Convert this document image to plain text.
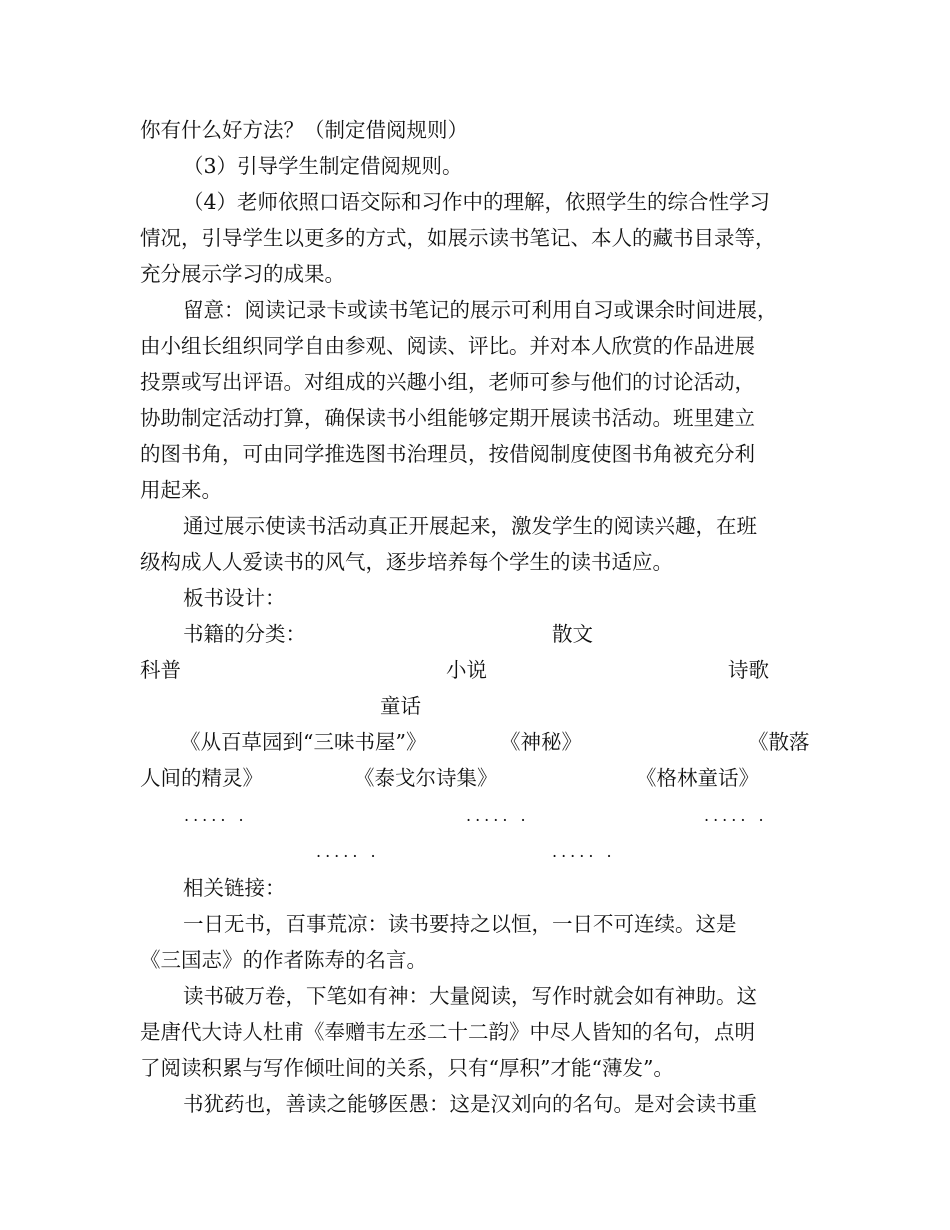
你有什么好方法？（制定借阅规则）
（3）引导学生制定借阅规则。
（4）老师依照口语交际和习作中的理解，依照学生的综合性学习
情况，引导学生以更多的方式，如展示读书笔记、本人的藏书目录等，
充分展示学习的成果。
留意：阅读记录卡或读书笔记的展示可利用自习或课余时间进展，
由小组长组织同学自由参观、阅读、评比。并对本人欣赏的作品进展
投票或写出评语。对组成的兴趣小组，老师可参与他们的讨论活动，
协助制定活动打算，确保读书小组能够定期开展读书活动。班里建立
的图书角，可由同学推选图书治理员，按借阅制度使图书角被充分利
用起来。
通过展示使读书活动真正开展起来，激发学生的阅读兴趣，在班
级构成人人爱读书的风气，逐步培养每个学生的读书适应。
板书设计：
书籍的分类：	散文
科普	小说	诗歌
童话
《从百草园到“三味书屋”》	《神秘》	《散落
人间的精灵》	《泰戈尔诗集》	《格林童话》
..... .	..... .	..... .
..... .	..... .
相关链接：
一日无书，百事荒凉：读书要持之以恒，一日不可连续。这是
《三国志》的作者陈寿的名言。
读书破万卷，下笔如有神：大量阅读，写作时就会如有神助。这
是唐代大诗人杜甫《奉赠韦左丞二十二韵》中尽人皆知的名句，点明
了阅读积累与写作倾吐间的关系，只有“厚积”才能“薄发”。
书犹药也，善读之能够医愚：这是汉刘向的名句。是对会读书重
